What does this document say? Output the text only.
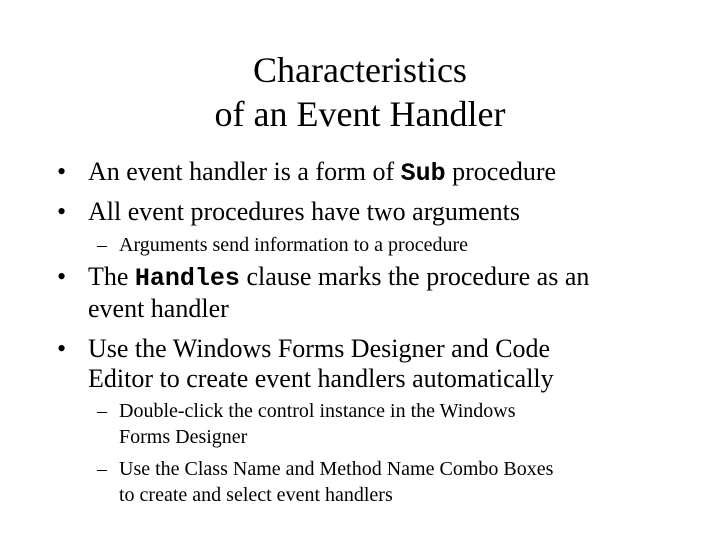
Characteristics
of an Event Handler
• An event handler is a form of Sub procedure
• All event procedures have two arguments
– Arguments send information to a procedure
• The Handles clause marks the procedure as an
event handler
• Use the Windows Forms Designer and Code
Editor to create event handlers automatically
– Double-click the control instance in the Windows
Forms Designer
– Use the Class Name and Method Name Combo Boxes
to create and select event handlers
